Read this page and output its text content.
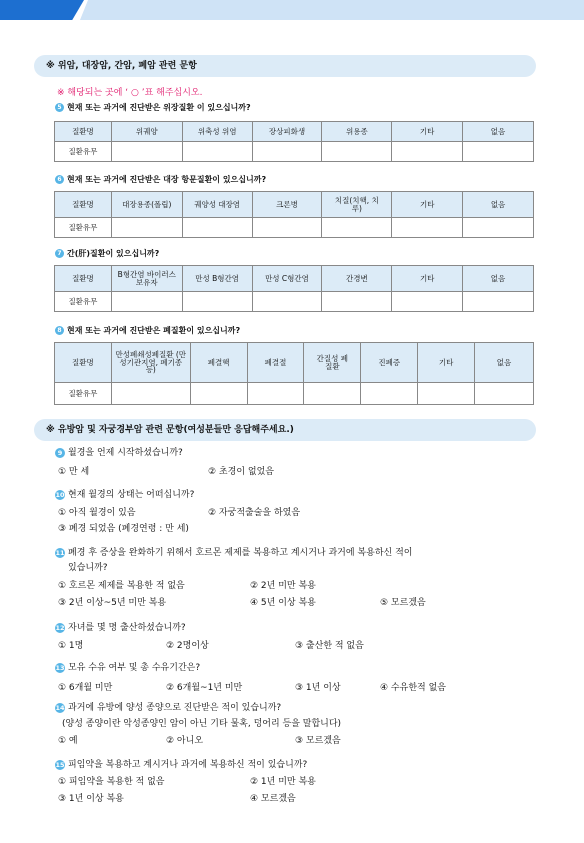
※ 위암, 대장암, 간암, 폐암 관련 문항
※ 해당되는 곳에 ‘ ○ ’표 해주십시오.
5 현재 또는 과거에 진단받은 위장질환 이 있으십니까?
질환명	위궤양	위축성 위염	장상피화생	위용종	기타	없음
질환유무						
6 현재 또는 과거에 진단받은 대장 항문질환이 있으십니까?
질환명	대장용종(폴립)	궤양성 대장염	크론병	치질(치핵, 치루)	기타	없음
질환유무						
7 간(肝)질환이 있으십니까?
질환명	B형간염 바이러스보유자	만성 B형간염	만성 C형간염	간경변	기타	없음
질환유무						
8 현재 또는 과거에 진단받은 폐질환이 있으십니까?
질환명	만성폐쇄성폐질환 (만성기관지염, 폐기종 등)	폐결핵	폐결절	간질성 폐질환	진폐증	기타	없음
질환유무							
※ 유방암 및 자궁경부암 관련 문항(여성분들만 응답해주세요.)
9 월경을 언제 시작하셨습니까?
① 만 세	② 초경이 없었음
10 현재 월경의 상태는 어떠십니까?
① 아직 월경이 있음	② 자궁적출술을 하였음
③ 폐경 되었음 (폐경연령 : 만 세)
11 폐경 후 증상을 완화하기 위해서 호르몬 제제를 복용하고 계시거나 과거에 복용하신 적이
있습니까?
① 호르몬 제제를 복용한 적 없음	② 2년 미만 복용
③ 2년 이상~5년 미만 복용	④ 5년 이상 복용	⑤ 모르겠음
12 자녀를 몇 명 출산하셨습니까?
① 1명	② 2명이상	③ 출산한 적 없음
13 모유 수유 여부 및 총 수유기간은?
① 6개월 미만	② 6개월~1년 미만	③ 1년 이상	④ 수유한적 없음
14 과거에 유방에 양성 종양으로 진단받은 적이 있습니까?
(양성 종양이란 악성종양인 암이 아닌 기타 물혹, 덩어리 등을 말합니다)
① 예	② 아니오	③ 모르겠음
15 피임약을 복용하고 계시거나 과거에 복용하신 적이 있습니까?
① 피임약을 복용한 적 없음	② 1년 미만 복용
③ 1년 이상 복용	④ 모르겠음
